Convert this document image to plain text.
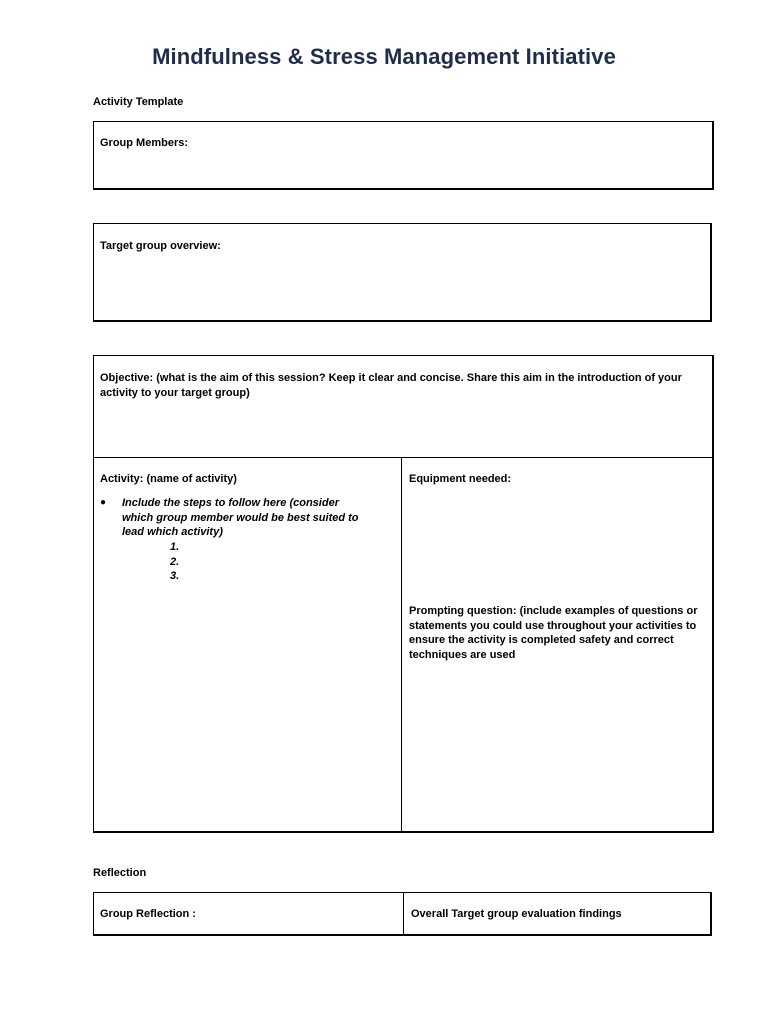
Mindfulness & Stress Management Initiative
Activity Template
Group Members:
Target group overview:
Objective: (what is the aim of this session? Keep it clear and concise. Share this aim in the introduction of your activity to your target group)
Activity: (name of activity)
● Include the steps to follow here (consider which group member would be best suited to lead which activity)
1.
2.
3.
Equipment needed:
Prompting question: (include examples of questions or statements you could use throughout your activities to ensure the activity is completed safety and correct techniques are used
Reflection
Group Reflection :	Overall Target group evaluation findings
